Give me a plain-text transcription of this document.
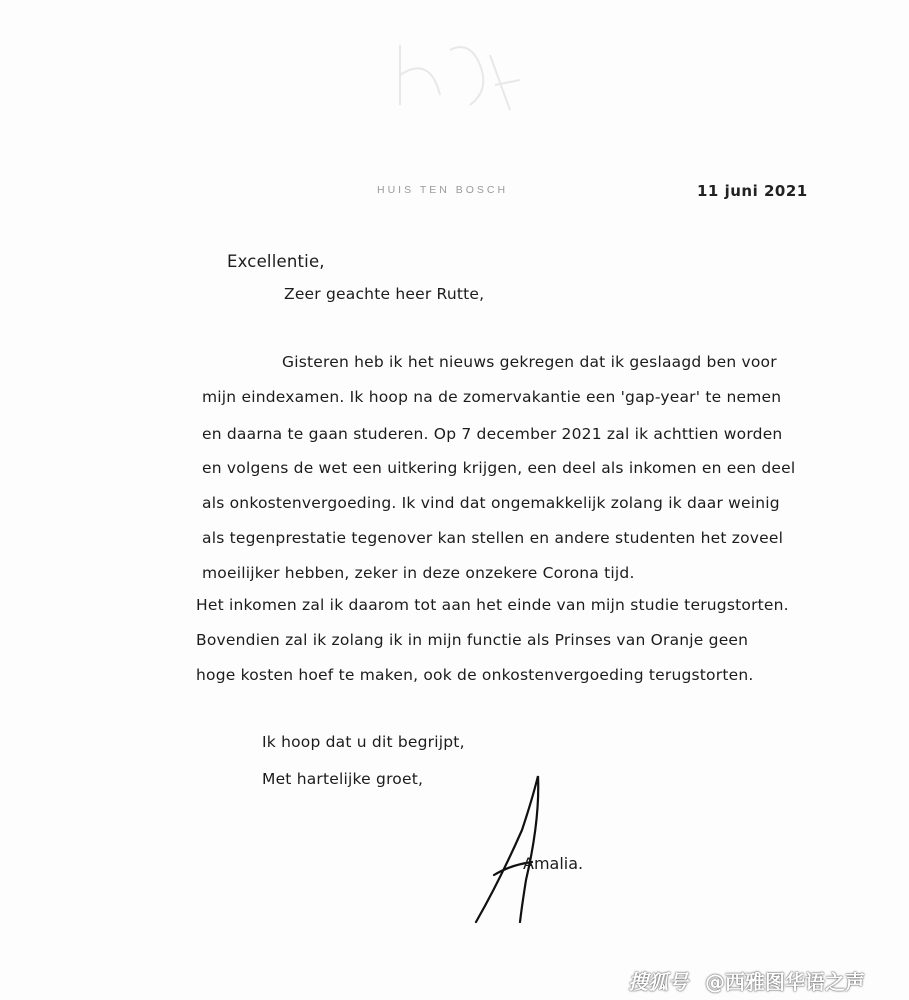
HUIS TEN BOSCH	11 juni 2021
Excellentie,
Zeer geachte heer Rutte,
Gisteren heb ik het nieuws gekregen dat ik geslaagd ben voor
mijn eindexamen. Ik hoop na de zomervakantie een 'gap-year' te nemen
en daarna te gaan studeren. Op 7 december 2021 zal ik achttien worden
en volgens de wet een uitkering krijgen, een deel als inkomen en een deel
als onkostenvergoeding. Ik vind dat ongemakkelijk zolang ik daar weinig
als tegenprestatie tegenover kan stellen en andere studenten het zoveel
moeilijker hebben, zeker in deze onzekere Corona tijd.
Het inkomen zal ik daarom tot aan het einde van mijn studie terugstorten.
Bovendien zal ik zolang ik in mijn functie als Prinses van Oranje geen
hoge kosten hoef te maken, ook de onkostenvergoeding terugstorten.
Ik hoop dat u dit begrijpt,
Met hartelijke groet,
Amalia.
搜狐号 @西雅图华语之声
